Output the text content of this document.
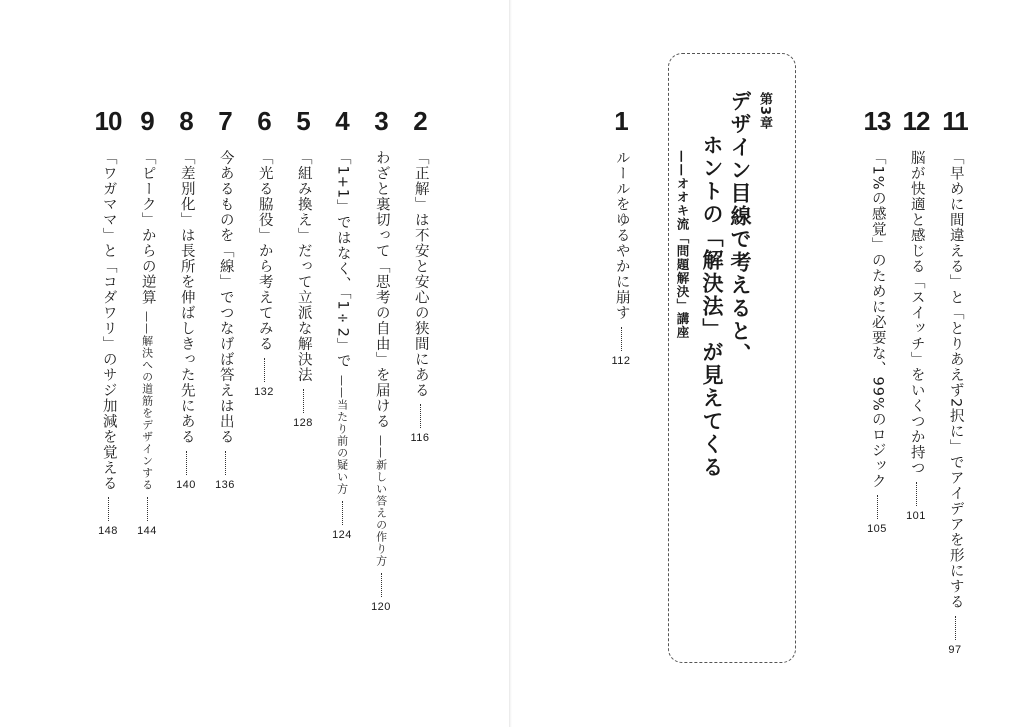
11
「早めに間違える」と「とりあえず2択に」でアイデアを形にする
97
12
脳が快適と感じる「スイッチ」をいくつか持つ
101
13
「1%の感覚」のために必要な、99%のロジック
105
第3章
デザイン目線で考えると、
ホントの「解決法」が見えてくる
——オオキ流「問題解決」講座
1
ルールをゆるやかに崩す
112
2
「正解」は不安と安心の狭間にある
116
3
わざと裏切って「思考の自由」を届ける
——新しい答えの作り方
120
4
「1+1」ではなく、「1÷2」で
——当たり前の疑い方
124
5
「組み換え」だって立派な解決法
128
6
「光る脇役」から考えてみる
132
7
今あるものを「線」でつなげば答えは出る
136
8
「差別化」は長所を伸ばしきった先にある
140
9
「ピーク」からの逆算
——解決への道筋をデザインする
144
10
「ワガママ」と「コダワリ」のサジ加減を覚える
148
